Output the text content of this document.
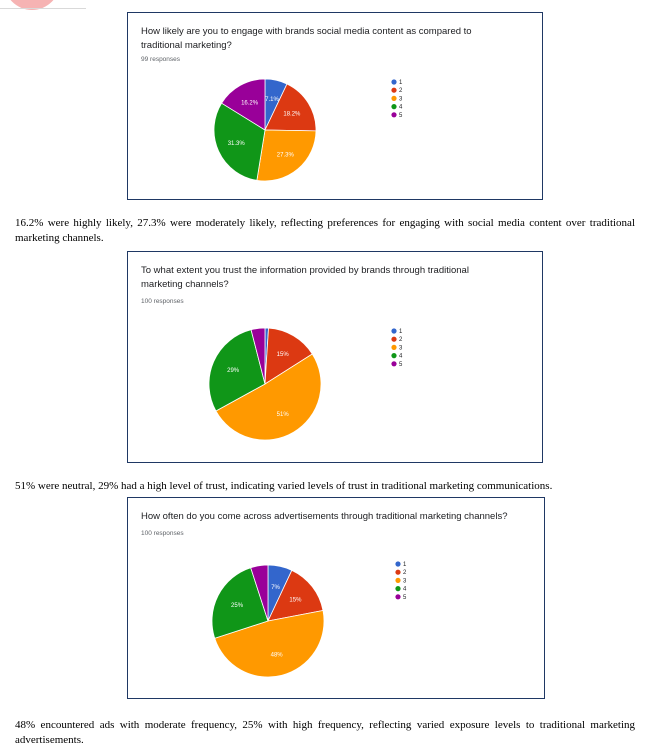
How likely are you to engage with brands social media content as compared to traditional marketing?
99 responses
7.1%
18.2%
27.3%
31.3%
16.2%
1
2
3
4
5

16.2% were highly likely, 27.3% were moderately likely, reflecting preferences for engaging with social media content over traditional marketing channels.

To what extent you trust the information provided by brands through traditional marketing channels?
100 responses
15%
51%
29%
1
2
3
4
5

51% were neutral, 29% had a high level of trust, indicating varied levels of trust in traditional marketing communications.

How often do you come across advertisements through traditional marketing channels?
100 responses
7%
15%
48%
25%
1
2
3
4
5

48% encountered ads with moderate frequency, 25% with high frequency, reflecting varied exposure levels to traditional marketing advertisements.
